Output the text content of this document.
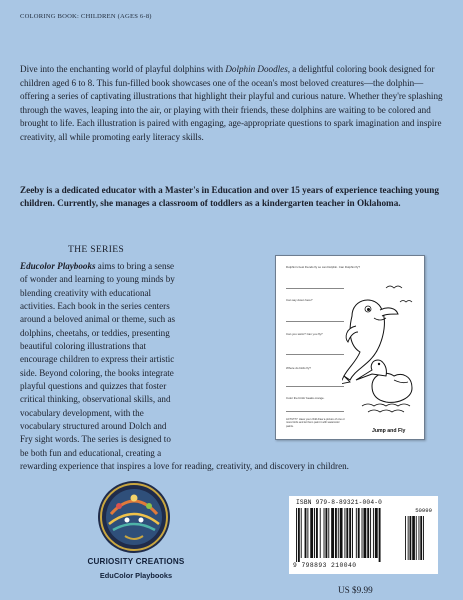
COLORING BOOK: CHILDREN (AGES 6-8)

Dive into the enchanting world of playful dolphins with Dolphin Doodles, a delightful coloring book designed for children aged 6 to 8. This fun-filled book showcases one of the ocean's most beloved creatures—the dolphin—offering a series of captivating illustrations that highlight their playful and curious nature. Whether they're splashing through the waves, leaping into the air, or playing with their friends, these dolphins are waiting to be colored and brought to life. Each illustration is paired with engaging, age-appropriate questions to spark imagination and inspire creativity, all while promoting early literacy skills.

Zeeby is a dedicated educator with a Master's in Education and over 15 years of experience teaching young children. Currently, she manages a classroom of toddlers as a kindergarten teacher in Oklahoma.

THE SERIES

Educolor Playbooks aims to bring a sense of wonder and learning to young minds by blending creativity with educational activities. Each book in the series centers around a beloved animal or theme, such as dolphins, cheetahs, or teddies, presenting beautiful coloring illustrations that encourage children to express their artistic side. Beyond coloring, the books integrate playful questions and quizzes that foster critical thinking, observational skills, and vocabulary development, with the vocabulary structured around Dolch and Fry sight words. The series is designed to be both fun and educational, creating a rewarding experience that inspires a love for reading, creativity, and discovery in children.

Dolphin's best friends fly so can Dolphin. Can Dolphin fly?
Can say down here?
Can you swim? Can you fly?
Where do birds fly?
Color the birds' beaks orange.
ACTIVITY: Have your child draw a picture of one or more birds and let them paint it with watercolor paints.
Jump and Fly
CURIOSITY CREATIONS
EduColor Playbooks
ISBN 979-8-89321-004-0
50999
9 798893 210040
US $9.99
